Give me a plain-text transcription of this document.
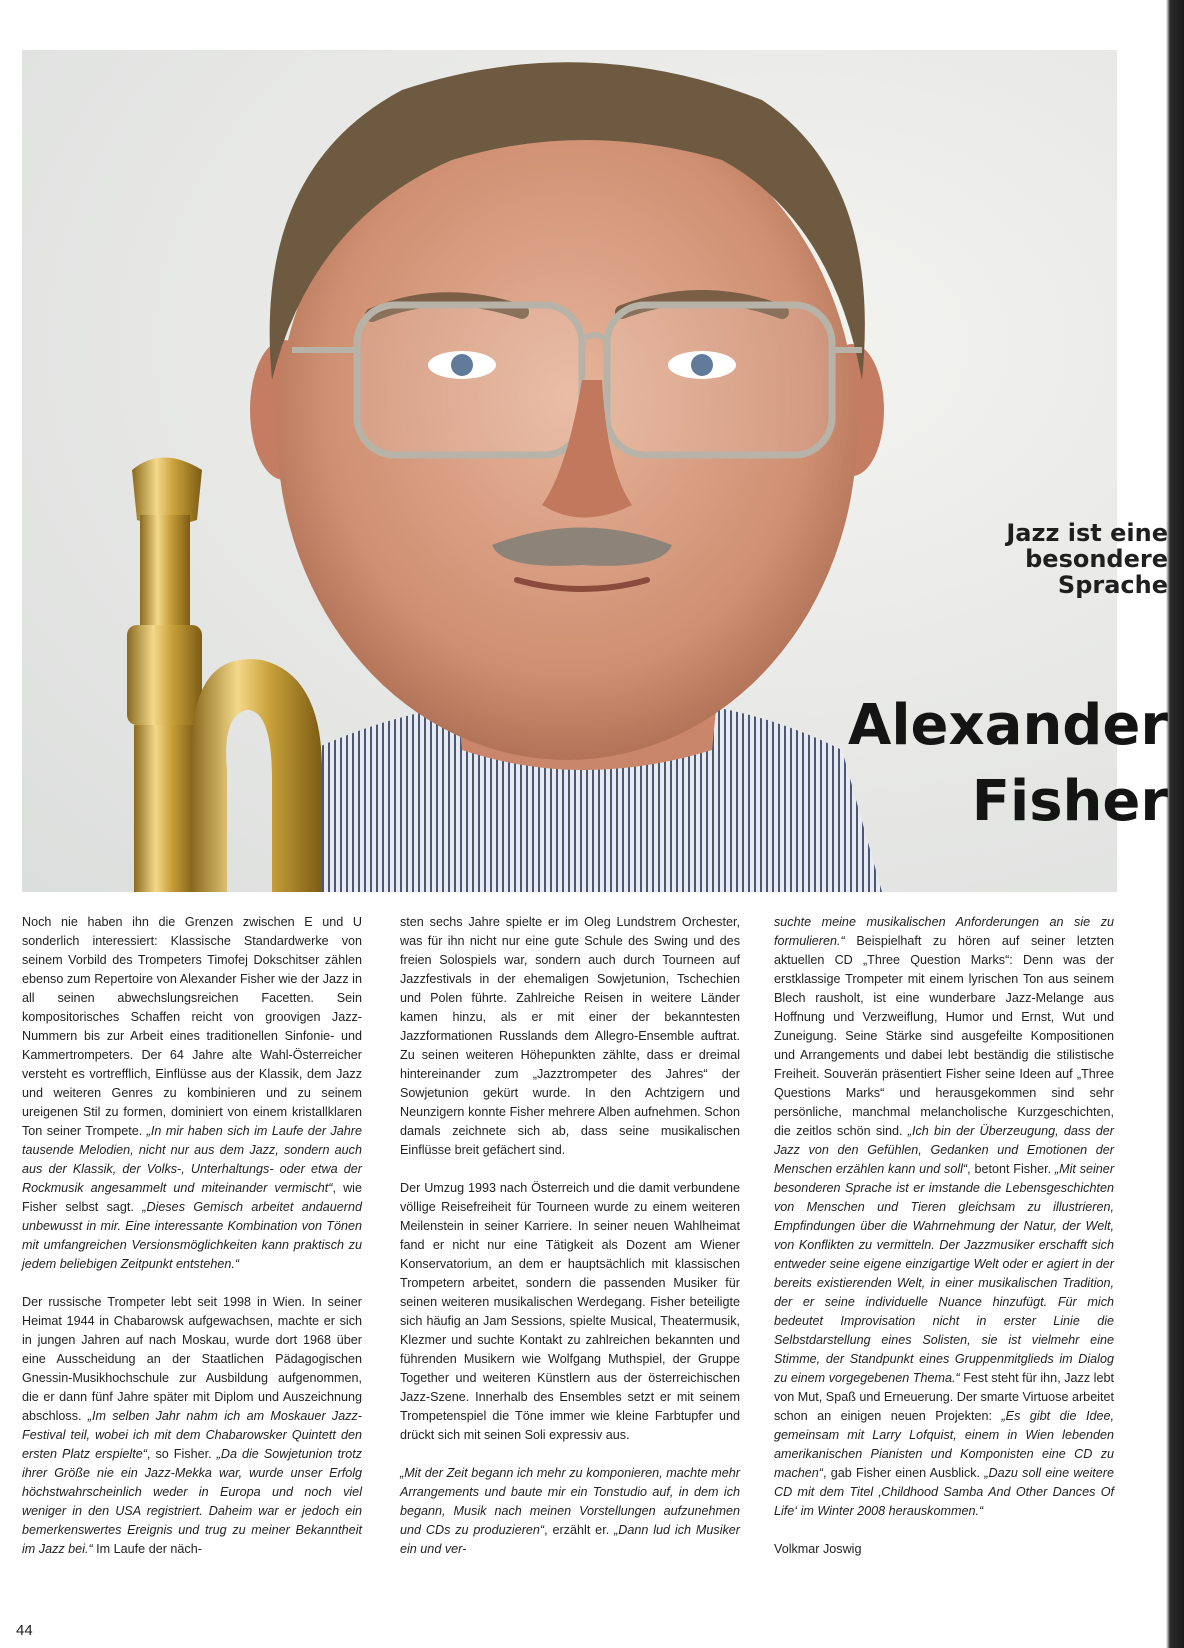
Jazz ist eine
besondere
Sprache
Alexander
Fisher

Noch nie haben ihn die Grenzen zwischen E und U sonderlich interessiert: Klassische Standardwerke von seinem Vorbild des Trompeters Timofej Dokschitser zählen ebenso zum Repertoire von Alexander Fisher wie der Jazz in all seinen abwechslungsreichen Facetten. Sein kompositorisches Schaffen reicht von groovigen Jazz-Nummern bis zur Arbeit eines traditionellen Sinfonie- und Kammertrompeters. Der 64 Jahre alte Wahl-Österreicher versteht es vortrefflich, Einflüsse aus der Klassik, dem Jazz und weiteren Genres zu kombinieren und zu seinem ureigenen Stil zu formen, dominiert von einem kristallklaren Ton seiner Trompete. „In mir haben sich im Laufe der Jahre tausende Melodien, nicht nur aus dem Jazz, sondern auch aus der Klassik, der Volks-, Unterhaltungs- oder etwa der Rockmusik angesammelt und miteinander vermischt“, wie Fisher selbst sagt. „Dieses Gemisch arbeitet andauernd unbewusst in mir. Eine interessante Kombination von Tönen mit umfangreichen Versionsmöglichkeiten kann praktisch zu jedem beliebigen Zeitpunkt entstehen.“

Der russische Trompeter lebt seit 1998 in Wien. In seiner Heimat 1944 in Chabarowsk aufgewachsen, machte er sich in jungen Jahren auf nach Moskau, wurde dort 1968 über eine Ausscheidung an der Staatlichen Pädagogischen Gnessin-Musikhochschule zur Ausbildung aufgenommen, die er dann fünf Jahre später mit Diplom und Auszeichnung abschloss. „Im selben Jahr nahm ich am Moskauer Jazz-Festival teil, wobei ich mit dem Chabarowsker Quintett den ersten Platz erspielte“, so Fisher. „Da die Sowjetunion trotz ihrer Größe nie ein Jazz-Mekka war, wurde unser Erfolg höchstwahrscheinlich weder in Europa und noch viel weniger in den USA registriert. Daheim war er jedoch ein bemerkenswertes Ereignis und trug zu meiner Bekanntheit im Jazz bei.“ Im Laufe der näch-

sten sechs Jahre spielte er im Oleg Lundstrem Orchester, was für ihn nicht nur eine gute Schule des Swing und des freien Solospiels war, sondern auch durch Tourneen auf Jazzfestivals in der ehemaligen Sowjetunion, Tschechien und Polen führte. Zahlreiche Reisen in weitere Länder kamen hinzu, als er mit einer der bekanntesten Jazzformationen Russlands dem Allegro-Ensemble auftrat. Zu seinen weiteren Höhepunkten zählte, dass er dreimal hintereinander zum „Jazztrompeter des Jahres“ der Sowjetunion gekürt wurde. In den Achtzigern und Neunzigern konnte Fisher mehrere Alben aufnehmen. Schon damals zeichnete sich ab, dass seine musikalischen Einflüsse breit gefächert sind.

Der Umzug 1993 nach Österreich und die damit verbundene völlige Reisefreiheit für Tourneen wurde zu einem weiteren Meilenstein in seiner Karriere. In seiner neuen Wahlheimat fand er nicht nur eine Tätigkeit als Dozent am Wiener Konservatorium, an dem er hauptsächlich mit klassischen Trompetern arbeitet, sondern die passenden Musiker für seinen weiteren musikalischen Werdegang. Fisher beteiligte sich häufig an Jam Sessions, spielte Musical, Theatermusik, Klezmer und suchte Kontakt zu zahlreichen bekannten und führenden Musikern wie Wolfgang Muthspiel, der Gruppe Together und weiteren Künstlern aus der österreichischen Jazz-Szene. Innerhalb des Ensembles setzt er mit seinem Trompetenspiel die Töne immer wie kleine Farbtupfer und drückt sich mit seinen Soli expressiv aus.

„Mit der Zeit begann ich mehr zu komponieren, machte mehr Arrangements und baute mir ein Tonstudio auf, in dem ich begann, Musik nach meinen Vorstellungen aufzunehmen und CDs zu produzieren“, erzählt er. „Dann lud ich Musiker ein und ver-

suchte meine musikalischen Anforderungen an sie zu formulieren.“ Beispielhaft zu hören auf seiner letzten aktuellen CD „Three Question Marks“: Denn was der erstklassige Trompeter mit einem lyrischen Ton aus seinem Blech rausholt, ist eine wunderbare Jazz-Melange aus Hoffnung und Verzweiflung, Humor und Ernst, Wut und Zuneigung. Seine Stärke sind ausgefeilte Kompositionen und Arrangements und dabei lebt beständig die stilistische Freiheit. Souverän präsentiert Fisher seine Ideen auf „Three Questions Marks“ und herausgekommen sind sehr persönliche, manchmal melancholische Kurzgeschichten, die zeitlos schön sind. „Ich bin der Überzeugung, dass der Jazz von den Gefühlen, Gedanken und Emotionen der Menschen erzählen kann und soll“, betont Fisher. „Mit seiner besonderen Sprache ist er imstande die Lebensgeschichten von Menschen und Tieren gleichsam zu illustrieren, Empfindungen über die Wahrnehmung der Natur, der Welt, von Konflikten zu vermitteln. Der Jazzmusiker erschafft sich entweder seine eigene einzigartige Welt oder er agiert in der bereits existierenden Welt, in einer musikalischen Tradition, der er seine individuelle Nuance hinzufügt. Für mich bedeutet Improvisation nicht in erster Linie die Selbstdarstellung eines Solisten, sie ist vielmehr eine Stimme, der Standpunkt eines Gruppenmitglieds im Dialog zu einem vorgegebenen Thema.“ Fest steht für ihn, Jazz lebt von Mut, Spaß und Erneuerung. Der smarte Virtuose arbeitet schon an einigen neuen Projekten: „Es gibt die Idee, gemeinsam mit Larry Lofquist, einem in Wien lebenden amerikanischen Pianisten und Komponisten eine CD zu machen“, gab Fisher einen Ausblick. „Dazu soll eine weitere CD mit dem Titel ‚Childhood Samba And Other Dances Of Life‘ im Winter 2008 herauskommen.“

Volkmar Joswig
44
